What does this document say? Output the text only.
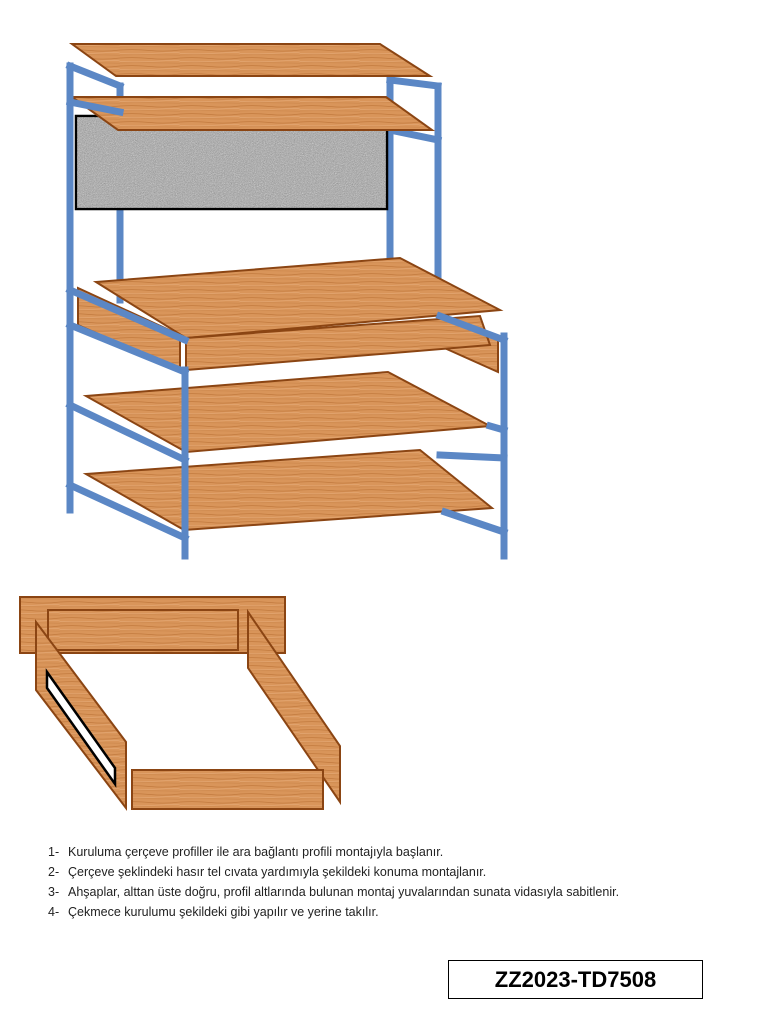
1- Kuruluma çerçeve profiller ile ara bağlantı profili montajıyla başlanır.
2- Çerçeve şeklindeki hasır tel cıvata yardımıyla şekildeki konuma montajlanır.
3- Ahşaplar, alttan üste doğru, profil altlarında bulunan montaj yuvalarından sunata vidasıyla sabitlenir.
4- Çekmece kurulumu şekildeki gibi yapılır ve yerine takılır.
ZZ2023-TD7508
